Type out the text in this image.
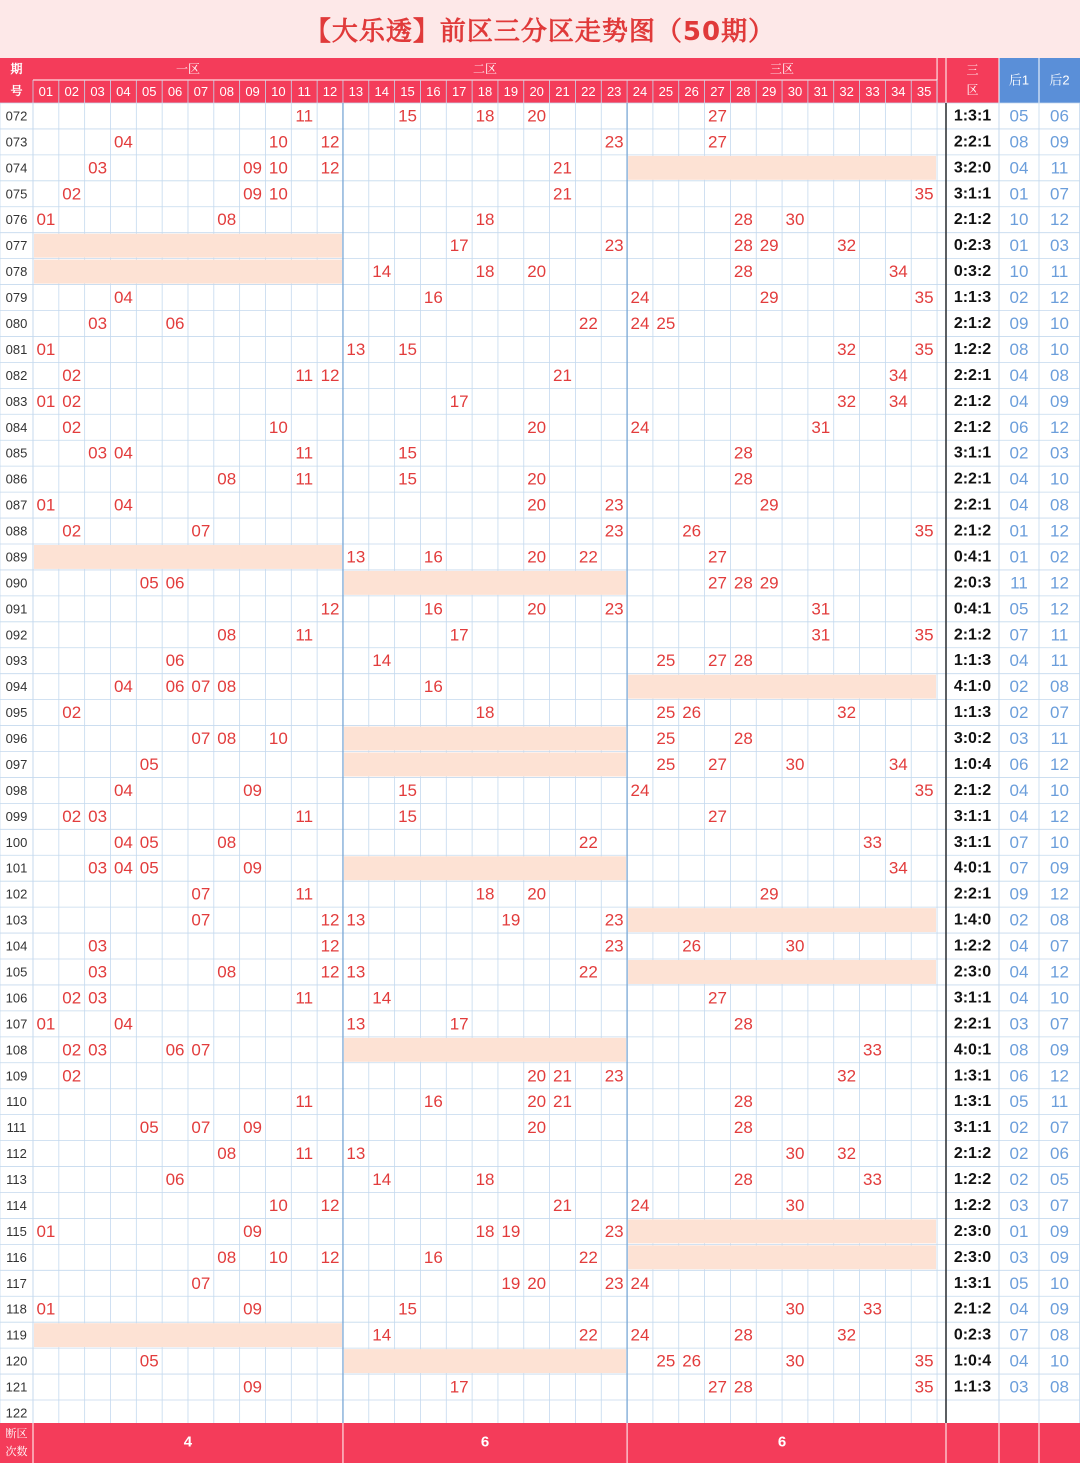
【大乐透】前区三分区走势图（50期）
期
号
一区	二区	三区
01 02 03 04 05 06 07 08 09 10 11 12 13 14 15 16 17 18 19 20 21 22 23 24 25 26 27 28 29 30 31 32 33 34 35
三
区
后1 后2
072	11	15	18 20	27	1:3:1 05 06
073	04	10 12	23	27	2:2:1 08 09
074	03	09 10 12	21	3:2:0 04 11
075 02	09 10	21	35 3:1:1 01 07
076 01	08	18	28 30	2:1:2 10 12
077	17	23	28 29	32	0:2:3 01 03
078	14	18 20	28	34	0:3:2 10 11
079	04	16	24	29	35 1:1:3 02 12
080	03	06	22 24 25	2:1:2 09 10
081 01	13 15	32	35 1:2:2 08 10
082 02	11 12	21	34	2:2:1 04 08
083 01 02	17	32 34	2:1:2 04 09
084 02	10	20	24	31	2:1:2 06 12
085	03 04	11	15	28	3:1:1 02 03
086	08	11	15	20	28	2:2:1 04 10
087 01	04	20	23	29	2:2:1 04 08
088 02	07	23	26	35 2:1:2 01 12
089	13	16	20 22	27	0:4:1 01 02
090	05 06	27 28 29	2:0:3 11 12
091	12	16	20	23	31	0:4:1 05 12
092	08	11	17	31	35 2:1:2 07 11
093	06	14	25 27 28	1:1:3 04 11
094	04 06 07 08	16	4:1:0 02 08
095 02	18	25 26	32	1:1:3 02 07
096	07 08 10	25	28	3:0:2 03 11
097	05	25 27	30	34	1:0:4 06 12
098	04	09	15	24	35 2:1:2 04 10
099 02 03	11	15	27	3:1:1 04 12
100	04 05	08	22	33	3:1:1 07 10
101	03 04 05	09	34	4:0:1 07 09
102	07	11	18 20	29	2:2:1 09 12
103	07	12 13	19	23	1:4:0 02 08
104	03	12	23	26	30	1:2:2 04 07
105	03	08	12 13	22	2:3:0 04 12
106 02 03	11	14	27	3:1:1 04 10
107 01	04	13	17	28	2:2:1 03 07
108 02 03	06 07	33	4:0:1 08 09
109 02	20 21 23	32	1:3:1 06 12
110	11	16	20 21	28	1:3:1 05 11
111	05 07 09	20	28	3:1:1 02 07
112	08	11 13	30 32	2:1:2 02 06
113	06	14	18	28	33	1:2:2 02 05
114	10 12	21	24	30	1:2:2 03 07
115 01	09	18 19	23	2:3:0 01 09
116	08 10 12	16	22	2:3:0 03 09
117	07	19 20	23 24	1:3:1 05 10
118 01	09	15	30	33	2:1:2 04 09
119	14	22 24	28	32	0:2:3 07 08
120	05	25 26	30	35 1:0:4 04 10
121	09	17	27 28	35 1:1:3 03 08
122
断区
次数
4	6	6
